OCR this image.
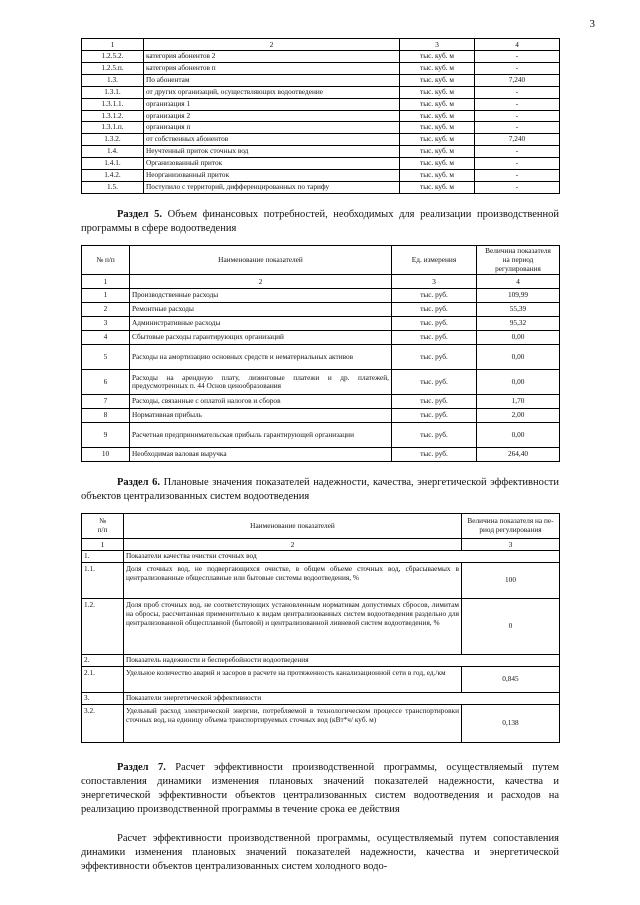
3
1	2	3	4
1.2.5.2.	категория абонентов 2	тыс. куб. м	-
1.2.5.п.	категория абонентов п	тыс. куб. м	-
1.3.	По абонентам	тыс. куб. м	7,240
1.3.1.	от других организаций, осуществляющих водоотведение	тыс. куб. м	-
1.3.1.1.	организация 1	тыс. куб. м	-
1.3.1.2.	организация 2	тыс. куб. м	-
1.3.1.п.	организация п	тыс. куб. м	-
1.3.2.	от собственных абонентов	тыс. куб. м	7,240
1.4.	Неучтенный приток сточных вод	тыс. куб. м	-
1.4.1.	Организованный приток	тыс. куб. м	-
1.4.2.	Неорганизованный приток	тыс. куб. м	-
1.5.	Поступило с территорий, дифференцированных по тарифу	тыс. куб. м	-

Раздел 5. Объем финансовых потребностей, необходимых для реализации производственной программы в сфере водоотведения

№ п/п	Наименование показателей	Ед. измерения	Величина показателя
на период регулирования
1	2	3	4
1	Производственные расходы	тыс. руб.	109,99
2	Ремонтные расходы	тыс. руб.	55,39
3	Административные расходы	тыс. руб.	95,32
4	Сбытовые расходы гарантирующих организаций	тыс. руб.	0,00
5	Расходы на амортизацию основных средств и нематериальных активов	тыс. руб.	0,00
6	Расходы на арендную плату, лизинговые платежи и др. платежей, предусмотренных п. 44 Основ ценообразования	тыс. руб.	0,00
7	Расходы, связанные с оплатой налогов и сборов	тыс. руб.	1,70
8	Нормативная прибыль	тыс. руб.	2,00
9	Расчетная предпринимательская прибыль гарантирующей организации	тыс. руб.	0,00
10	Необходимая валовая выручка	тыс. руб.	264,40

Раздел 6. Плановые значения показателей надежности, качества, энергетической эффективности объектов централизованных систем водоотведения

№
п/п	Наименование показателей	Величина показателя на пе-
риод регулирования
1	2	3
1.	Показатели качества очистки сточных вод	
1.1.	Доля сточных вод, не подвергающихся очистке, в общем объеме сточных вод, сбрасываемых в централизованные общесплавные или бытовые системы водоотведения, %	100
1.2.	Доля проб сточных вод, не соответствующих установленным нормативам допустимых сбросов, лимитам на обросы, рассчитанная применительно к видам централизованных систем водоотведения раздельно для централизованной общесплавной (бытовой) и централизованной ливневой систем водоотведения, %	0
2.	Показатель надежности и бесперебойности водоотведения	
2.1.	Удельное количество аварий и засоров в расчете на протяженность канализационной сети в год, ед./км	0,845
3.	Показатели энергетической эффективности	
3.2.	Удельный расход электрической энергии, потребляемой в технологическом процессе транспортировки сточных вод, на единицу объема транспортируемых сточных вод (кВт*ч/ куб. м)	0,138

Раздел 7. Расчет эффективности производственной программы, осуществляемый путем сопоставления динамики изменения плановых значений показателей надежности, качества и энергетической эффективности объектов централизованных систем водоотведения и расходов на реализацию производственной программы в течение срока ее действия

Расчет эффективности производственной программы, осуществляемый путем сопоставления динамики изменения плановых значений показателей надежности, качества и энергетической эффективности объектов централизованных систем холодного водо-
